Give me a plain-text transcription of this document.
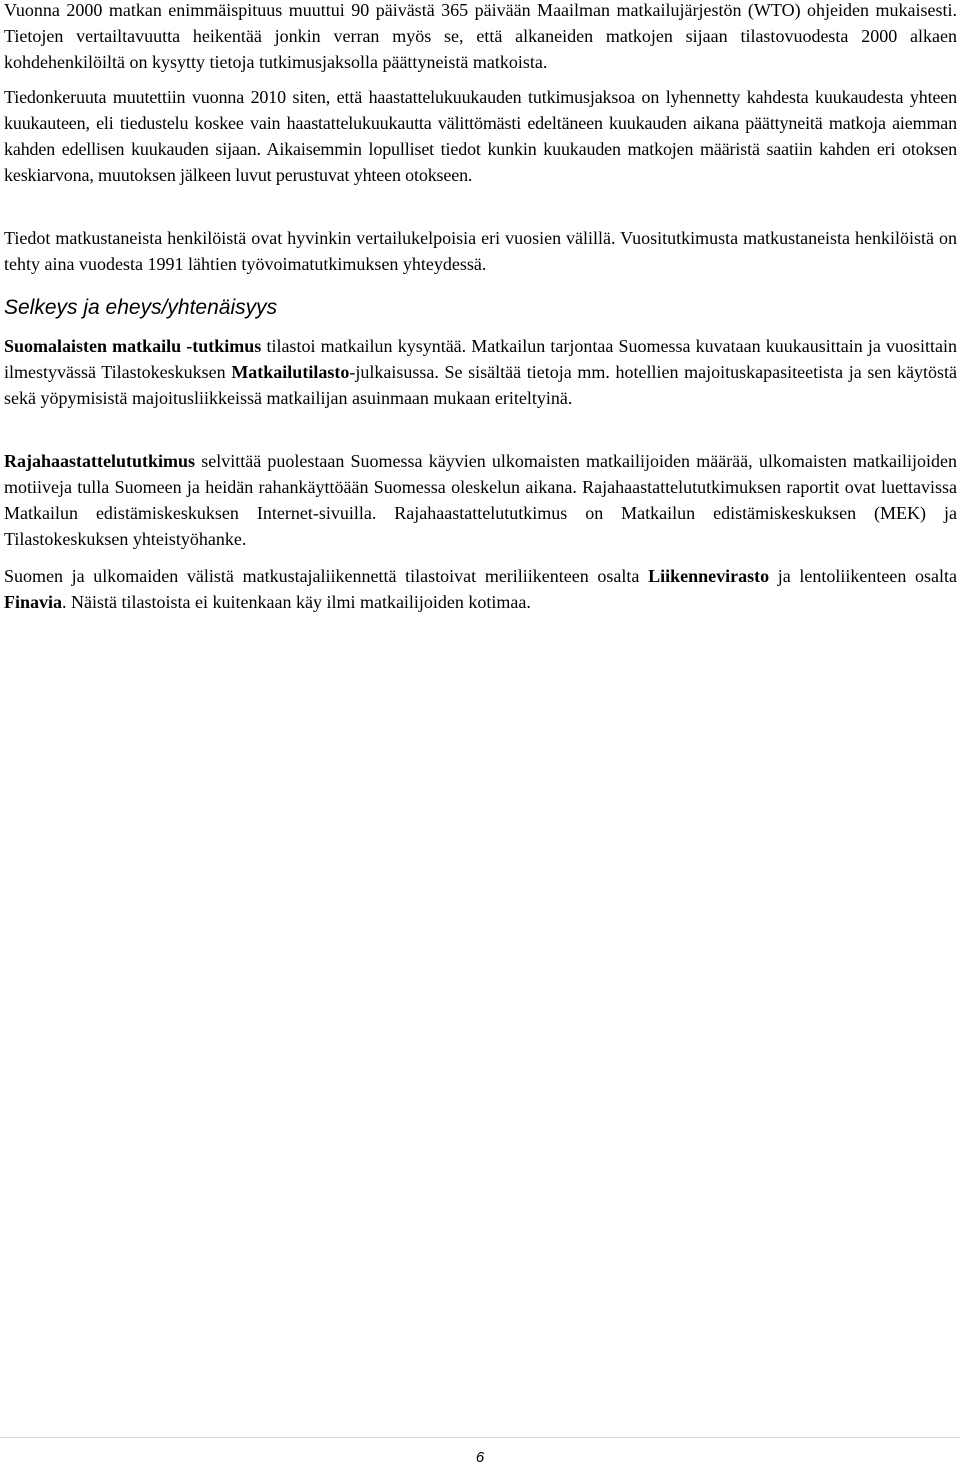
Vuonna 2000 matkan enimmäispituus muuttui 90 päivästä 365 päivään Maailman matkailujärjestön (WTO) ohjeiden mukaisesti. Tietojen vertailtavuutta heikentää jonkin verran myös se, että alkaneiden matkojen sijaan tilastovuodesta 2000 alkaen kohdehenkilöiltä on kysytty tietoja tutkimusjaksolla päättyneistä matkoista.

Tiedonkeruuta muutettiin vuonna 2010 siten, että haastattelukuukauden tutkimusjaksoa on lyhennetty kahdesta kuukaudesta yhteen kuukauteen, eli tiedustelu koskee vain haastattelukuukautta välittömästi edeltäneen kuukauden aikana päättyneitä matkoja aiemman kahden edellisen kuukauden sijaan. Aikaisemmin lopulliset tiedot kunkin kuukauden matkojen määristä saatiin kahden eri otoksen keskiarvona, muutoksen jälkeen luvut perustuvat yhteen otokseen.

Tiedot matkustaneista henkilöistä ovat hyvinkin vertailukelpoisia eri vuosien välillä. Vuositutkimusta matkustaneista henkilöistä on tehty aina vuodesta 1991 lähtien työvoimatutkimuksen yhteydessä.

Selkeys ja eheys/yhtenäisyys

Suomalaisten matkailu -tutkimus tilastoi matkailun kysyntää. Matkailun tarjontaa Suomessa kuvataan kuukausittain ja vuosittain ilmestyvässä Tilastokeskuksen Matkailutilasto-julkaisussa. Se sisältää tietoja mm. hotellien majoituskapasiteetista ja sen käytöstä sekä yöpymisistä majoitusliikkeissä matkailijan asuinmaan mukaan eriteltyinä.

Rajahaastattelututkimus selvittää puolestaan Suomessa käyvien ulkomaisten matkailijoiden määrää, ulkomaisten matkailijoiden motiiveja tulla Suomeen ja heidän rahankäyttöään Suomessa oleskelun aikana. Rajahaastattelututkimuksen raportit ovat luettavissa Matkailun edistämiskeskuksen Internet-sivuilla. Rajahaastattelututkimus on Matkailun edistämiskeskuksen (MEK) ja Tilastokeskuksen yhteistyöhanke.

Suomen ja ulkomaiden välistä matkustajaliikennettä tilastoivat meriliikenteen osalta Liikennevirasto ja lentoliikenteen osalta Finavia. Näistä tilastoista ei kuitenkaan käy ilmi matkailijoiden kotimaa.

6
